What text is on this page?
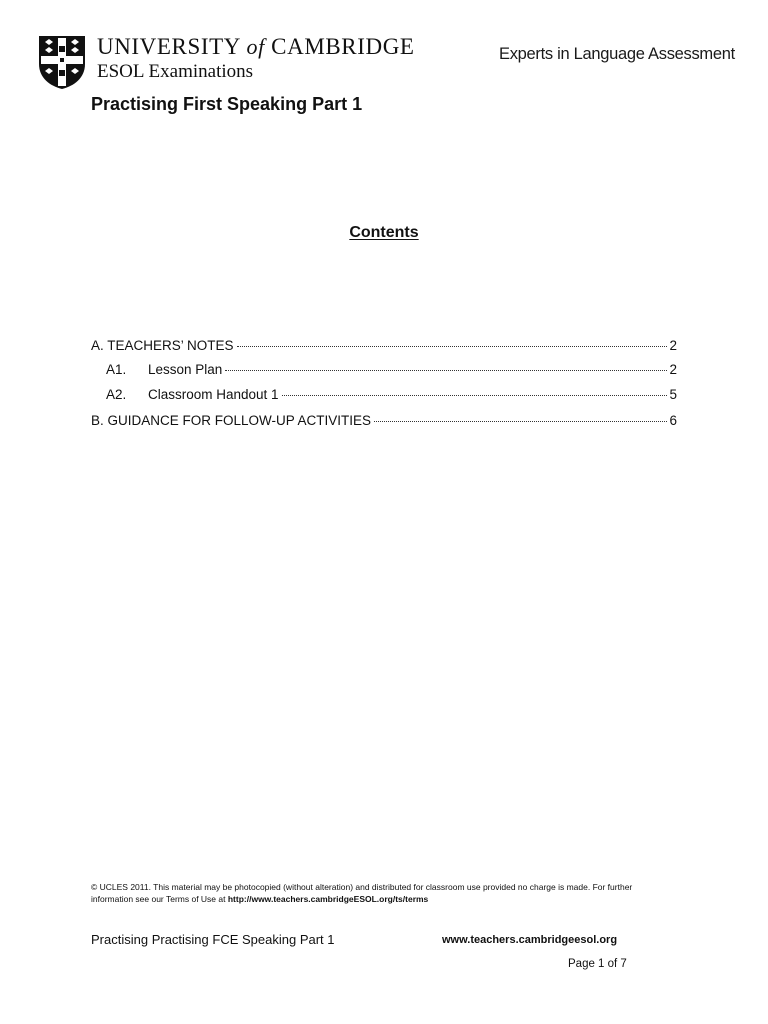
UNIVERSITY of CAMBRIDGE
ESOL Examinations
Experts in Language Assessment
Practising First Speaking Part 1
Contents
A. TEACHERS’ NOTES	2
A1.	Lesson Plan	2
A2.	Classroom Handout 1	5
B. GUIDANCE FOR FOLLOW-UP ACTIVITIES	6
© UCLES 2011. This material may be photocopied (without alteration) and distributed for classroom use provided no charge is made. For further
information see our Terms of Use at http://www.teachers.cambridgeESOL.org/ts/terms
Practising Practising FCE Speaking Part 1	www.teachers.cambridgeesol.org
Page 1 of 7
